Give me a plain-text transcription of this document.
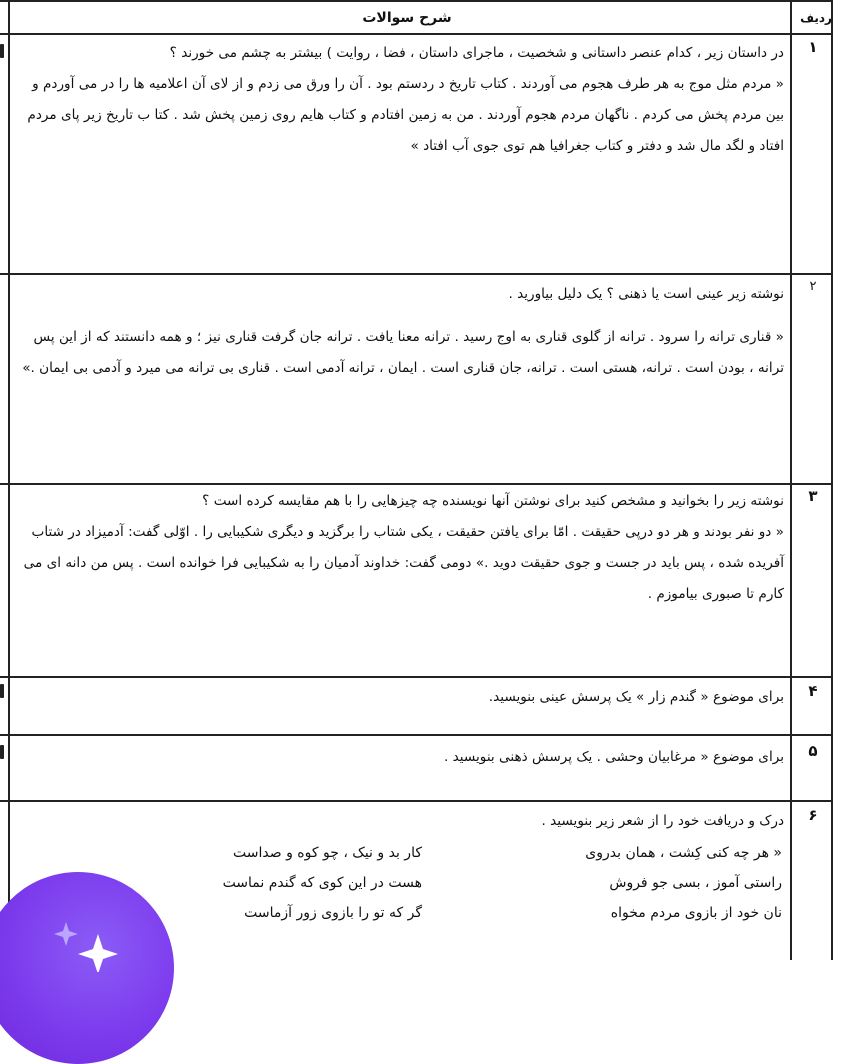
شرح سوالات	ردیف
۱

در داستان زیر ، کدام عنصر داستانی و شخصیت ، ماجرای داستان ، فضا ، روایت ) بیشتر به چشم می خورند ؟

« مردم مثل موج به هر طرف هجوم می آوردند . کتاب تاریخ د ردستم بود . آن را ورق می زدم و از لای آن اعلامیه ها را در می آوردم و بین مردم پخش می کردم . ناگهان مردم هجوم آوردند . من به زمین افتادم و کتاب هایم روی زمین پخش شد . کتا ب تاریخ زیر پای مردم افتاد و لگد مال شد و دفتر و کتاب جغرافیا هم توی جوی آب افتاد »

۲

نوشته زیر عینی است یا ذهنی ؟ یک دلیل بیاورید .

« قناری ترانه را سرود . ترانه از گلوی قناری به اوج رسید . ترانه معنا یافت . ترانه جان گرفت قناری نیز ؛ و همه دانستند که از این پس ترانه ، بودن است . ترانه، هستی است . ترانه، جان قناری است . ایمان ، ترانه آدمی است . قناری بی ترانه می میرد و آدمی بی ایمان .»

۳

نوشته زیر را بخوانید و مشخص کنید برای نوشتن آنها نویسنده چه چیزهایی را با هم مقایسه کرده است ؟

« دو نفر بودند و هر دو درپی حقیقت . امّا برای یافتن حقیقت ، یکی شتاب را برگزید و دیگری شکیبایی را . اوّلی گفت: آدمیزاد در شتاب آفریده شده ، پس باید در جست و جوی حقیقت دوید .» دومی گفت: خداوند آدمیان را به شکیبایی فرا خوانده است . پس من دانه ای می کارم تا صبوری بیاموزم .

۴

برای موضوع « گندم زار » یک پرسش عینی بنویسید.

۵

برای موضوع « مرغابیان وحشی . یک پرسش ذهنی بنویسید .

۶

درک و دریافت خود را از شعر زیر بنویسید .

« هر چه کنی کِشت ، همان بدروی
راستی آموز ، بسی جو فروش
نان خود از بازوی مردم مخواه
کار بد و نیک ، چو کوه و صداست
هست در این کوی که گندم نماست
گر که تو را بازوی زور آزماست
